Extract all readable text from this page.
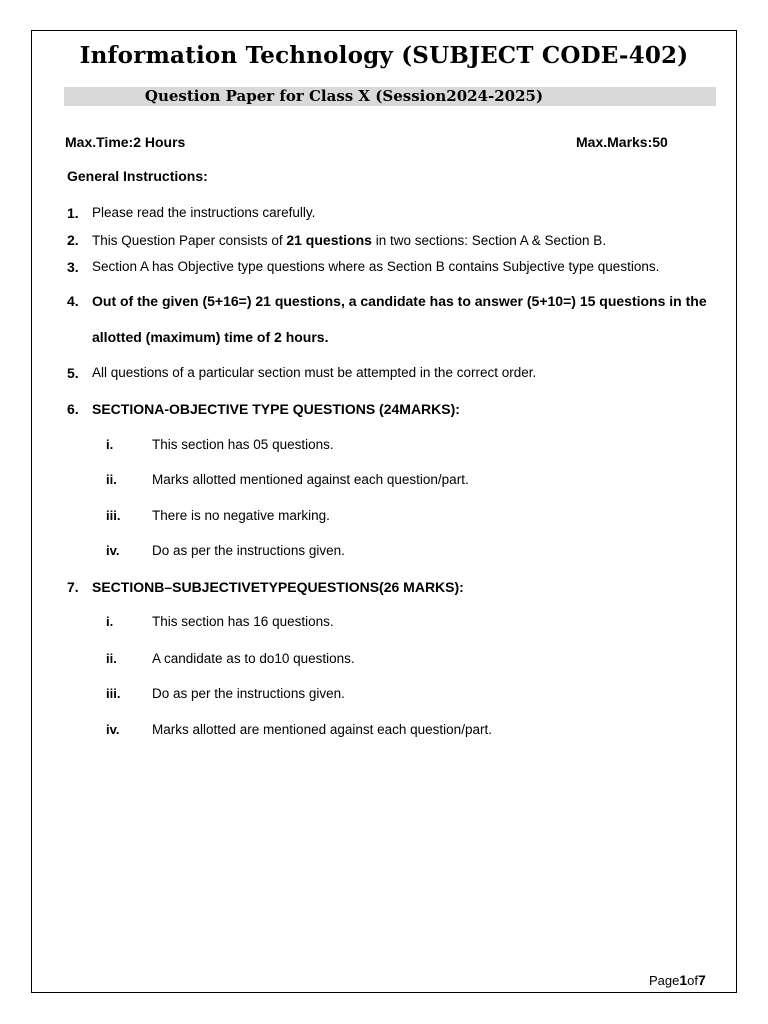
Information Technology (SUBJECT CODE-402)
Question Paper for Class X (Session2024-2025)
Max.Time:2 Hours	Max.Marks:50
General Instructions:
1. Please read the instructions carefully.
2. This Question Paper consists of 21 questions in two sections: Section A & Section B.
3. Section A has Objective type questions where as Section B contains Subjective type questions.
4. Out of the given (5+16=) 21 questions, a candidate has to answer (5+10=) 15 questions in the
allotted (maximum) time of 2 hours.
5. All questions of a particular section must be attempted in the correct order.
6. SECTIONA-OBJECTIVE TYPE QUESTIONS (24MARKS):
i.	This section has 05 questions.
ii.	Marks allotted mentioned against each question/part.
iii. There is no negative marking.
iv. Do as per the instructions given.
7. SECTIONB–SUBJECTIVETYPEQUESTIONS(26 MARKS):
i.	This section has 16 questions.
ii.	A candidate as to do10 questions.
iii. Do as per the instructions given.
iv. Marks allotted are mentioned against each question/part.
Page1of7
